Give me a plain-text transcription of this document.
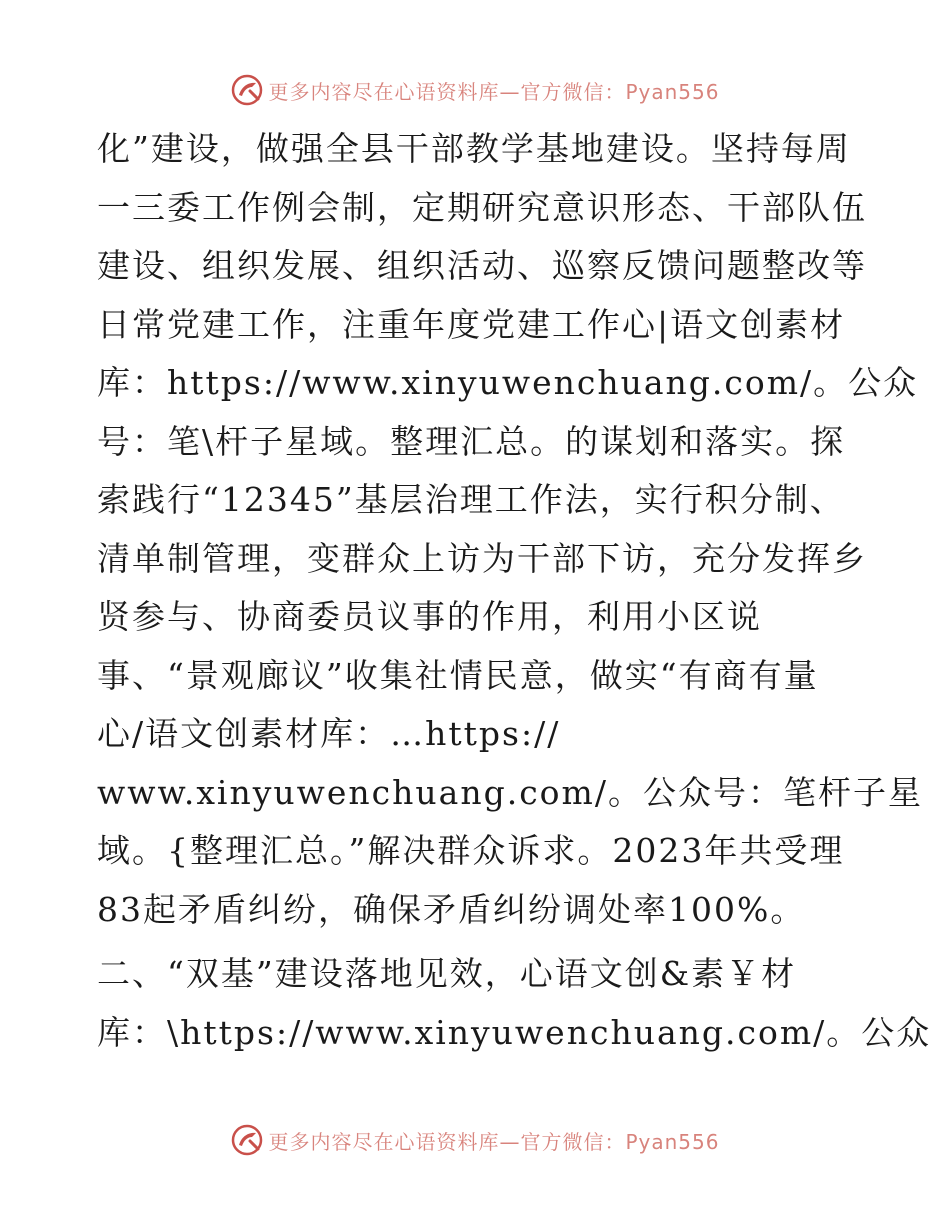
更多内容尽在心语资料库—官方微信：Pyan556
化”建设，做强全县干部教学基地建设。坚持每周
一三委工作例会制，定期研究意识形态、干部队伍
建设、组织发展、组织活动、巡察反馈问题整改等
日常党建工作，注重年度党建工作心|语文创素材
库：https://www.xinyuwenchuang.com/。公众
号：笔\杆子星域。整理汇总。的谋划和落实。探
索践行“12345”基层治理工作法，实行积分制、
清单制管理，变群众上访为干部下访，充分发挥乡
贤参与、协商委员议事的作用，利用小区说
事、“景观廊议”收集社情民意，做实“有商有量
心/语文创素材库：…https://
www.xinyuwenchuang.com/。公众号：笔杆子星
域。{整理汇总。”解决群众诉求。2023年共受理
83起矛盾纠纷，确保矛盾纠纷调处率100%。
二、“双基”建设落地见效，心语文创&素￥材
库：\https://www.xinyuwenchuang.com/。公众
更多内容尽在心语资料库—官方微信：Pyan556
